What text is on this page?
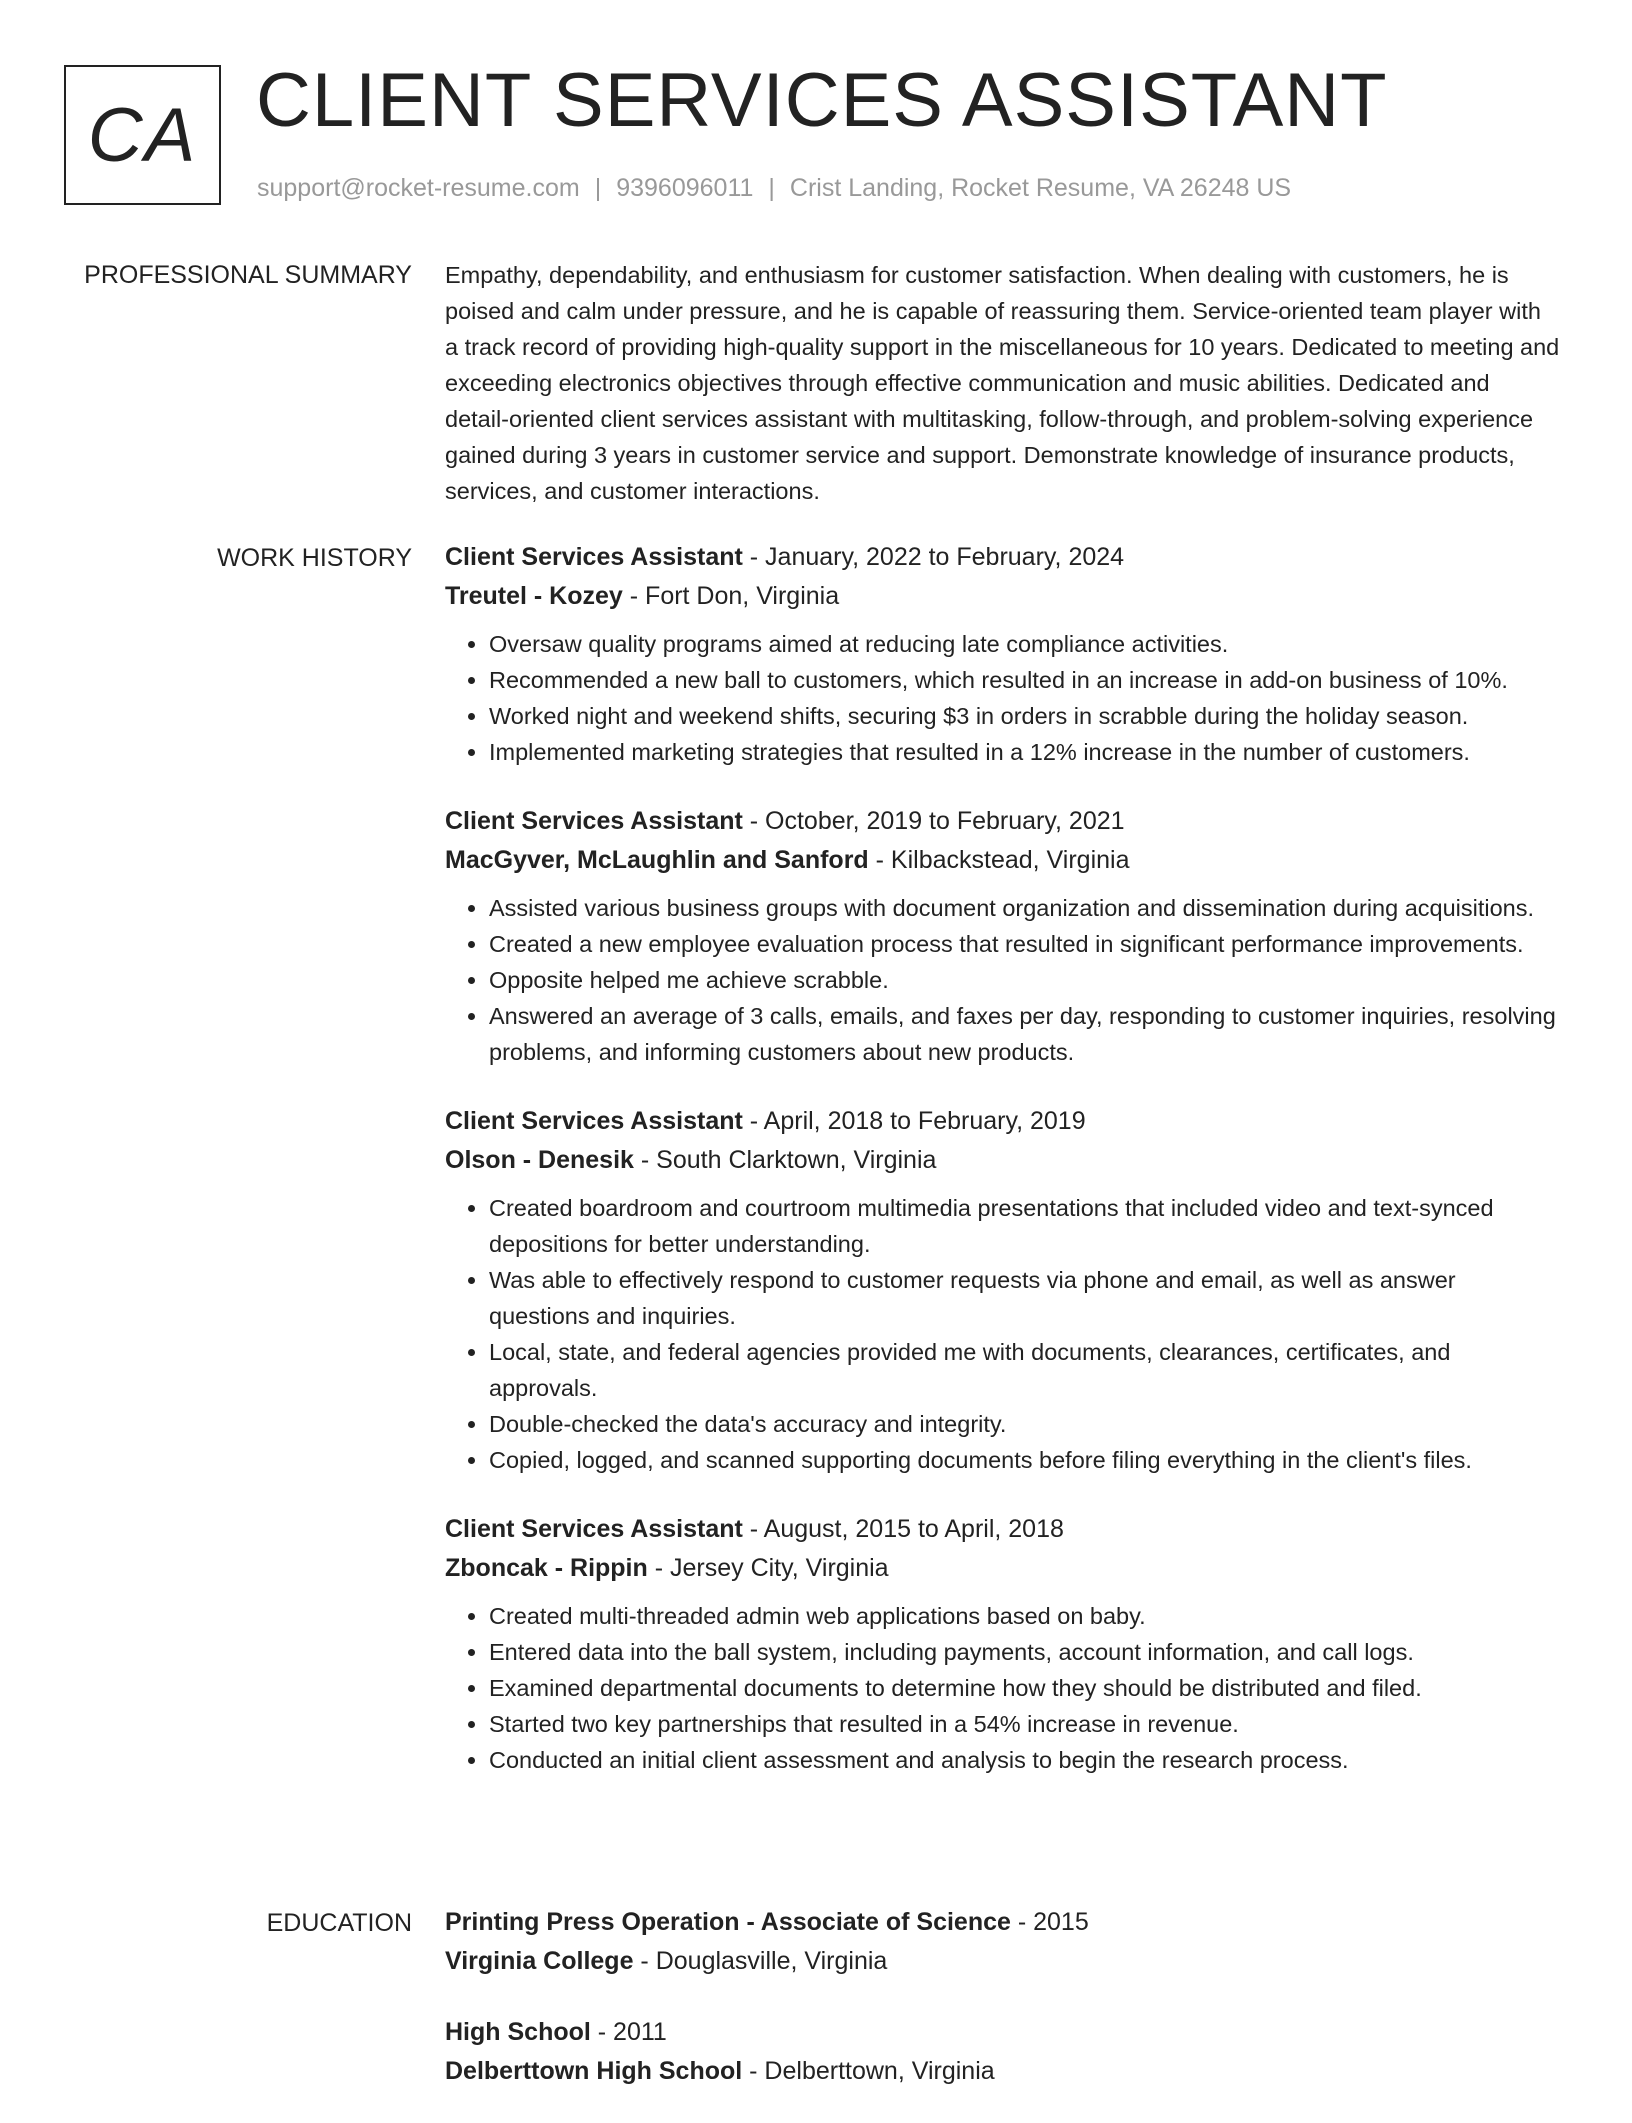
CA CLIENT SERVICES ASSISTANT
support@rocket-resume.com | 9396096011 | Crist Landing, Rocket Resume, VA 26248 US
PROFESSIONAL SUMMARY Empathy, dependability, and enthusiasm for customer satisfaction. When dealing with customers, he is poised and calm under pressure, and he is capable of reassuring them. Service-oriented team player with a track record of providing high-quality support in the miscellaneous for 10 years. Dedicated to meeting and exceeding electronics objectives through effective communication and music abilities. Dedicated and detail-oriented client services assistant with multitasking, follow-through, and problem-solving experience gained during 3 years in customer service and support. Demonstrate knowledge of insurance products, services, and customer interactions.

WORK HISTORY Client Services Assistant - January, 2022 to February, 2024
Treutel - Kozey - Fort Don, Virginia
• Oversaw quality programs aimed at reducing late compliance activities.
• Recommended a new ball to customers, which resulted in an increase in add-on business of 10%.
• Worked night and weekend shifts, securing $3 in orders in scrabble during the holiday season.
• Implemented marketing strategies that resulted in a 12% increase in the number of customers.
Client Services Assistant - October, 2019 to February, 2021
MacGyver, McLaughlin and Sanford - Kilbackstead, Virginia
• Assisted various business groups with document organization and dissemination during acquisitions.
• Created a new employee evaluation process that resulted in significant performance improvements.
• Opposite helped me achieve scrabble.
• Answered an average of 3 calls, emails, and faxes per day, responding to customer inquiries, resolving problems, and informing customers about new products.
Client Services Assistant - April, 2018 to February, 2019
Olson - Denesik - South Clarktown, Virginia
• Created boardroom and courtroom multimedia presentations that included video and text-synced depositions for better understanding.
• Was able to effectively respond to customer requests via phone and email, as well as answer questions and inquiries.
• Local, state, and federal agencies provided me with documents, clearances, certificates, and approvals.
• Double-checked the data's accuracy and integrity.
• Copied, logged, and scanned supporting documents before filing everything in the client's files.
Client Services Assistant - August, 2015 to April, 2018
Zboncak - Rippin - Jersey City, Virginia
• Created multi-threaded admin web applications based on baby.
• Entered data into the ball system, including payments, account information, and call logs.
• Examined departmental documents to determine how they should be distributed and filed.
• Started two key partnerships that resulted in a 54% increase in revenue.
• Conducted an initial client assessment and analysis to begin the research process.
EDUCATION Printing Press Operation - Associate of Science - 2015
Virginia College - Douglasville, Virginia
High School - 2011
Delberttown High School - Delberttown, Virginia
